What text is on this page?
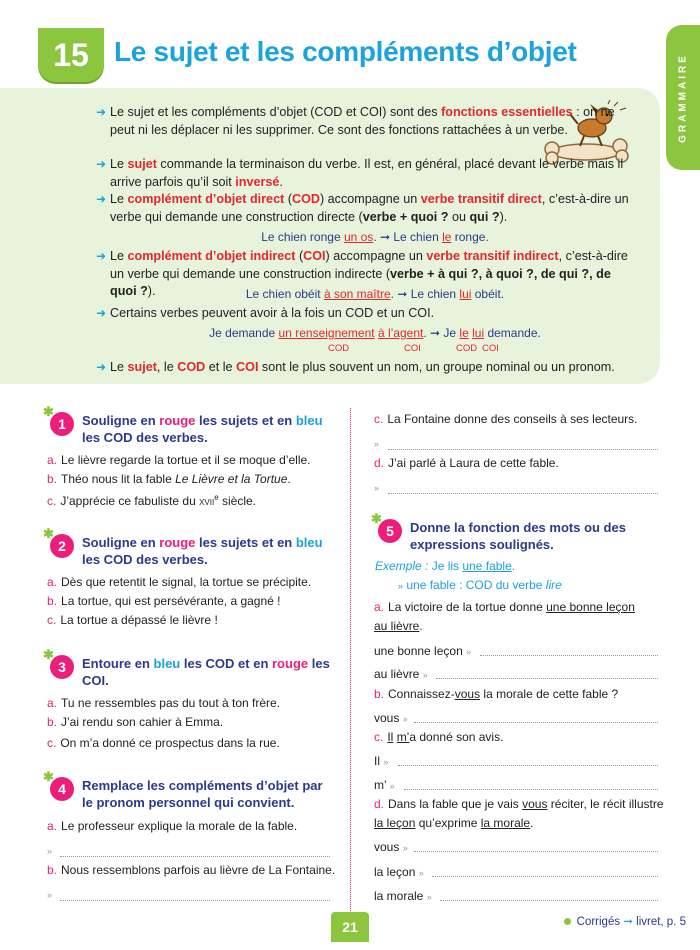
15 Le sujet et les compléments d’objet
GRAMMAIRE
➜ Le sujet et les compléments d’objet (COD et COI) sont des fonctions essentielles : on ne peut ni les déplacer ni les supprimer. Ce sont des fonctions rattachées à un verbe.
➜ Le sujet commande la terminaison du verbe. Il est, en général, placé devant le verbe mais il arrive parfois qu’il soit inversé.
➜ Le complément d’objet direct (COD) accompagne un verbe transitif direct, c’est-à-dire un verbe qui demande une construction directe (verbe + quoi ? ou qui ?).
Le chien ronge un os. ➞ Le chien le ronge.
➜ Le complément d’objet indirect (COI) accompagne un verbe transitif indirect, c’est-à-dire un verbe qui demande une construction indirecte (verbe + à qui ?, à quoi ?, de qui ?, de quoi ?).	Le chien obéit à son maître. ➞ Le chien lui obéit.
➜ Certains verbes peuvent avoir à la fois un COD et un COI.
Je demande un renseignement à l’agent. ➞ Je le lui demande.
COD	COI	COD COI
➜ Le sujet, le COD et le COI sont le plus souvent un nom, un groupe nominal ou un pronom.
✱
1 Souligne en rouge les sujets et en bleu les COD des verbes.
a. Le lièvre regarde la tortue et il se moque d’elle.
b. Théo nous lit la fable Le Lièvre et la Tortue.
c. J’apprécie ce fabuliste du xvii$^e$ siècle.
✱
2 Souligne en rouge les sujets et en bleu les COD des verbes.
a. Dès que retentit le signal, la tortue se précipite.
b. La tortue, qui est persévérante, a gagné !
c. La tortue a dépassé le lièvre !
✱
3 Entoure en bleu les COD et en rouge les COI.
a. Tu ne ressembles pas du tout à ton frère.
b. J’ai rendu son cahier à Emma.
c. On m’a donné ce prospectus dans la rue.
✱
4 Remplace les compléments d’objet par le pronom personnel qui convient.
a. Le professeur explique la morale de la fable.
»
b. Nous ressemblons parfois au lièvre de La Fontaine.
»
c. La Fontaine donne des conseils à ses lecteurs.
»
d. J’ai parlé à Laura de cette fable.
»
✱
5 Donne la fonction des mots ou des expressions soulignés.
Exemple : Je lis une fable.
» une fable : COD du verbe lire
a. La victoire de la tortue donne une bonne leçon
au lièvre.
une bonne leçon »
au lièvre »
b. Connaissez-vous la morale de cette fable ?
vous »
c. Il m’a donné son avis.
Il »
m’ »
d. Dans la fable que je vais vous réciter, le récit illustre
la leçon qu’exprime la morale.
vous »
la leçon »
la morale »
21	Corrigés ➞ livret, p. 5
